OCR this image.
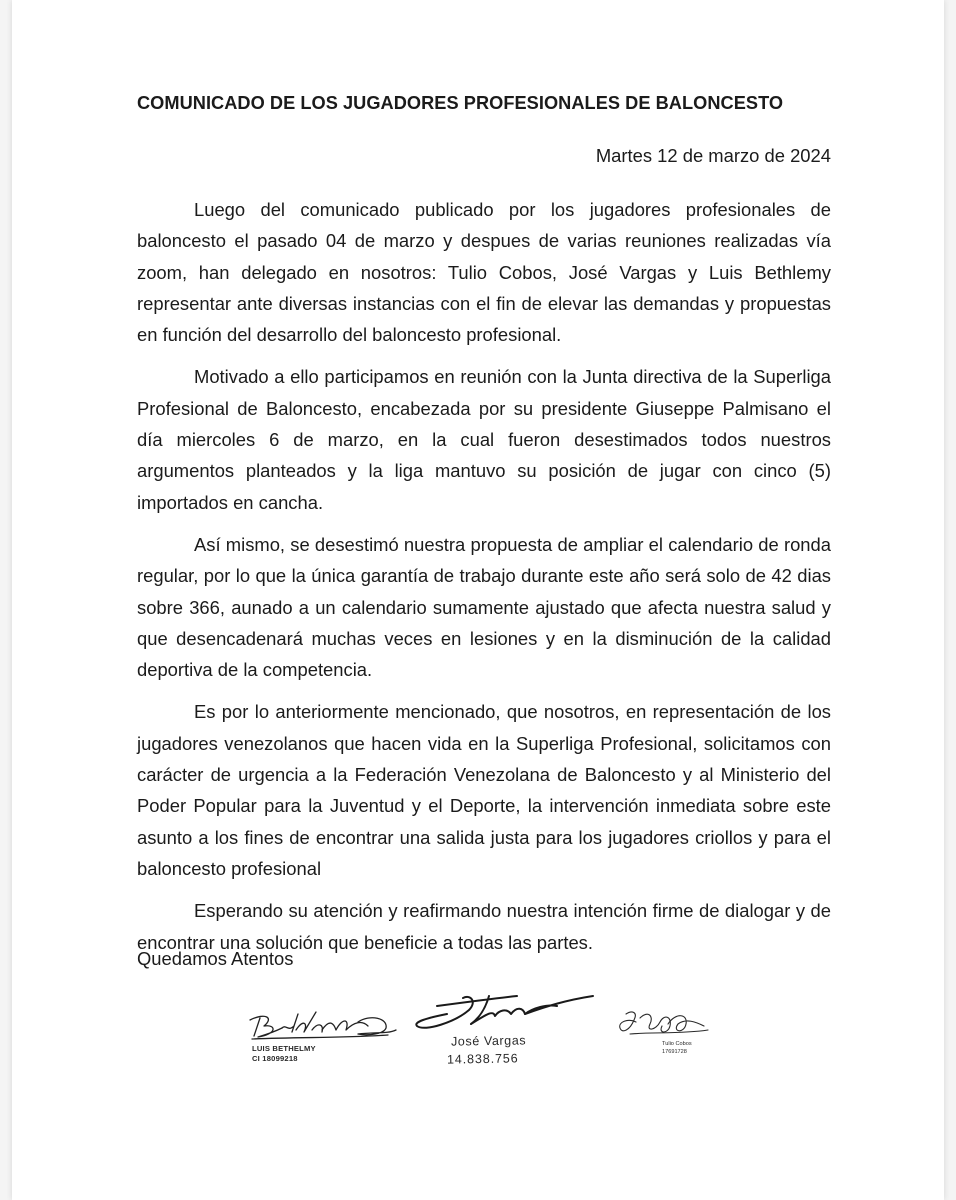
COMUNICADO DE LOS JUGADORES PROFESIONALES DE BALONCESTO
Martes 12 de marzo de 2024

Luego del comunicado publicado por los jugadores profesionales de baloncesto el pasado 04 de marzo y despues de varias reuniones realizadas vía zoom, han delegado en nosotros: Tulio Cobos, José Vargas y Luis Bethlemy representar ante diversas instancias con el fin de elevar las demandas y propuestas en función del desarrollo del baloncesto profesional.

Motivado a ello participamos en reunión con la Junta directiva de la Superliga Profesional de Baloncesto, encabezada por su presidente Giuseppe Palmisano el día miercoles 6 de marzo, en la cual fueron desestimados todos nuestros argumentos planteados y la liga mantuvo su posición de jugar con cinco (5) importados en cancha.

Así mismo, se desestimó nuestra propuesta de ampliar el calendario de ronda regular, por lo que la única garantía de trabajo durante este año será solo de 42 dias sobre 366, aunado a un calendario sumamente ajustado que afecta nuestra salud y que desencadenará muchas veces en lesiones y en la disminución de la calidad deportiva de la competencia.

Es por lo anteriormente mencionado, que nosotros, en representación de los jugadores venezolanos que hacen vida en la Superliga Profesional, solicitamos con carácter de urgencia a la Federación Venezolana de Baloncesto y al Ministerio del Poder Popular para la Juventud y el Deporte, la intervención inmediata sobre este asunto a los fines de encontrar una salida justa para los jugadores criollos y para el baloncesto profesional

Esperando su atención y reafirmando nuestra intención firme de dialogar y de encontrar una solución que beneficie a todas las partes.

Quedamos Atentos
LUIS BETHELMY
CI 18099218
José Vargas
14.838.756
Tulio Cobos
17691728
